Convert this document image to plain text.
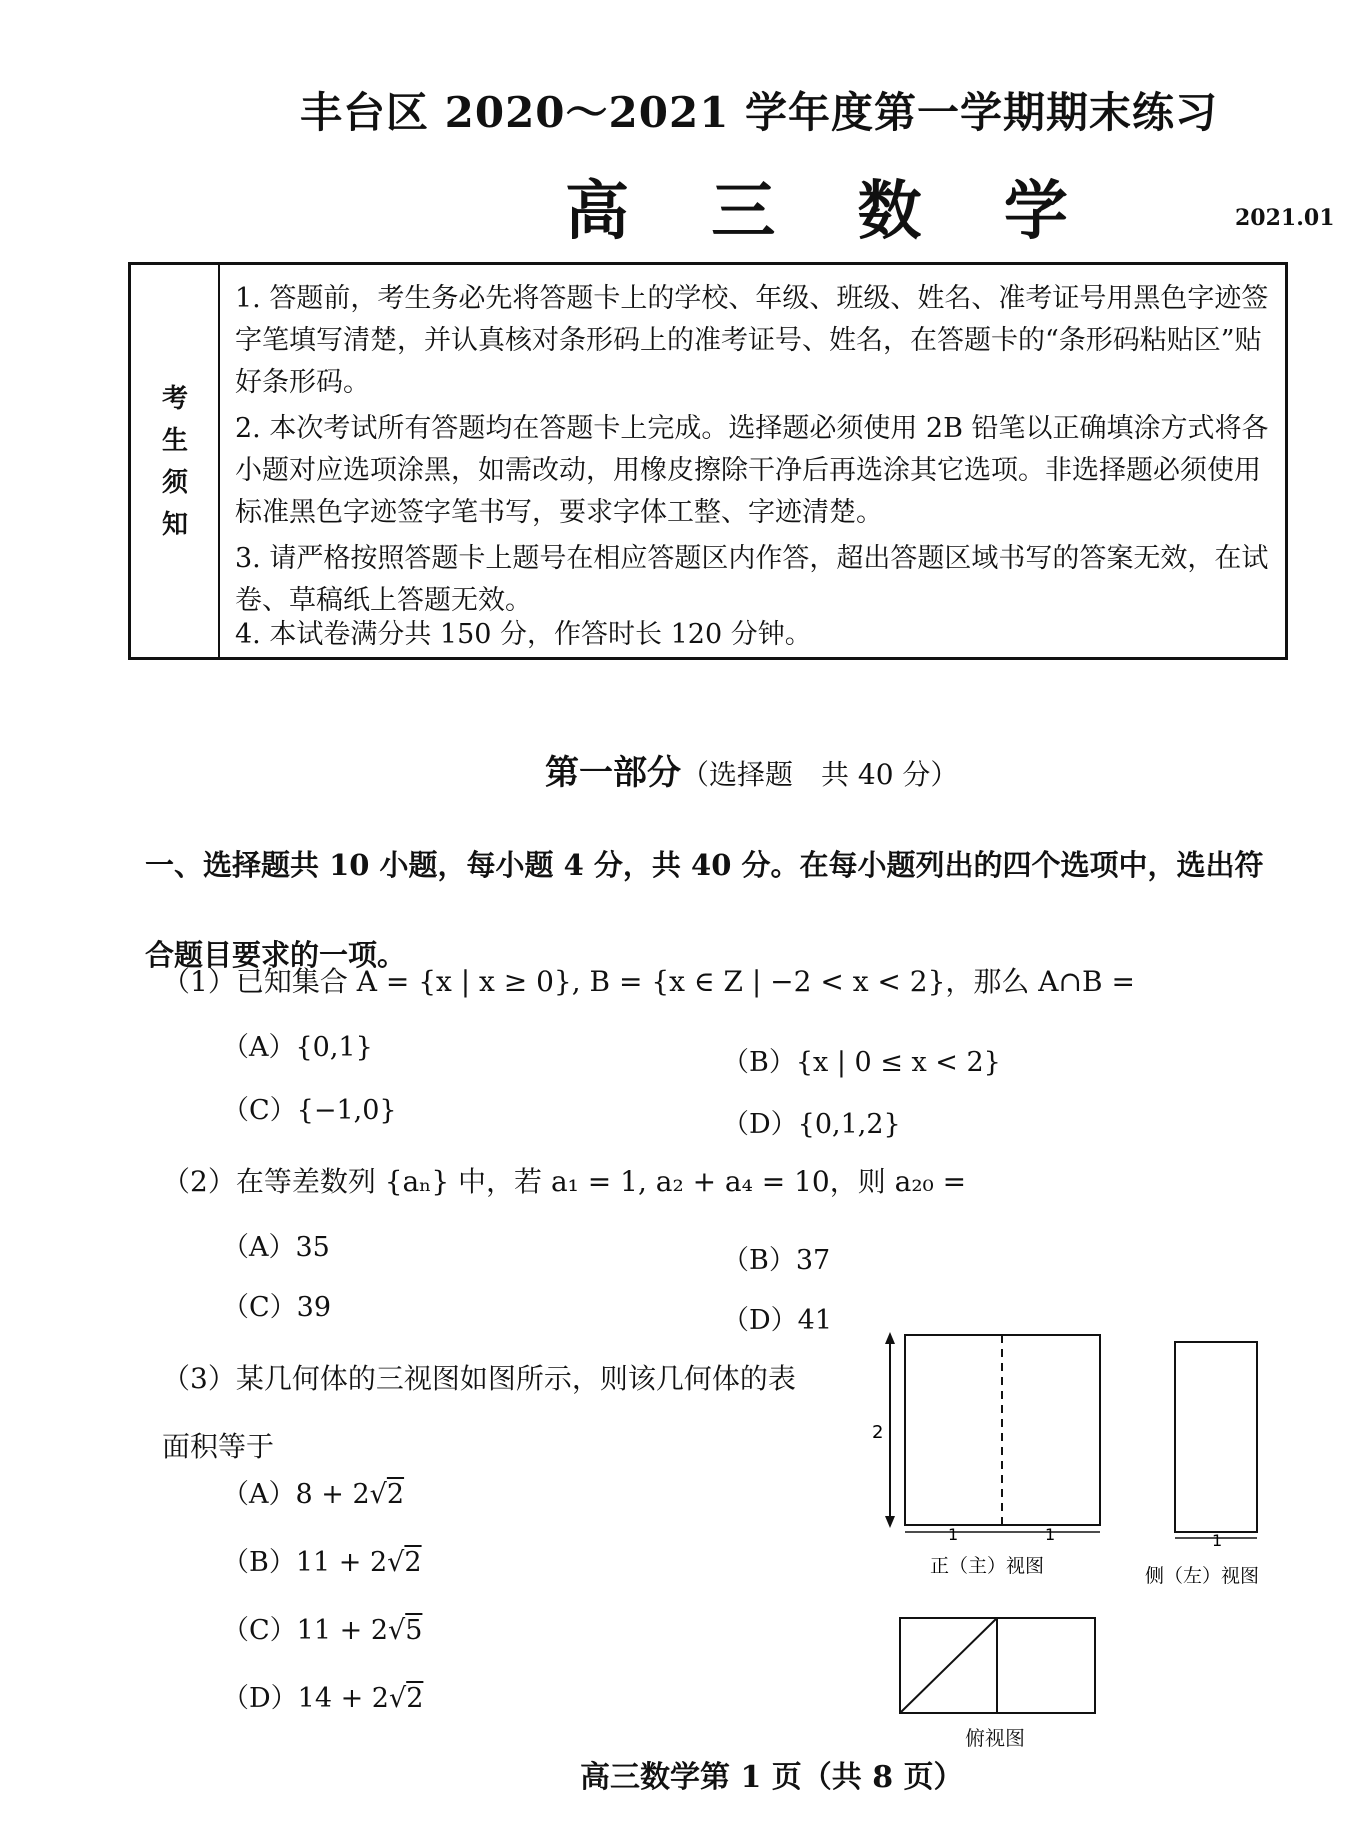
丰台区 2020～2021 学年度第一学期期末练习
高 三 数 学	2021.01
考
生
须
知
1. 答题前，考生务必先将答题卡上的学校、年级、班级、姓名、准考证号用黑色字迹签字笔填写清楚，并认真核对条形码上的准考证号、姓名，在答题卡的“条形码粘贴区”贴好条形码。
2. 本次考试所有答题均在答题卡上完成。选择题必须使用 2B 铅笔以正确填涂方式将各小题对应选项涂黑，如需改动，用橡皮擦除干净后再选涂其它选项。非选择题必须使用标准黑色字迹签字笔书写，要求字体工整、字迹清楚。
3. 请严格按照答题卡上题号在相应答题区内作答，超出答题区域书写的答案无效，在试卷、草稿纸上答题无效。
4. 本试卷满分共 150 分，作答时长 120 分钟。
第一部分（选择题　共 40 分）
一、选择题共 10 小题，每小题 4 分，共 40 分。在每小题列出的四个选项中，选出符合题目要求的一项。
（1）已知集合 A = {x | x ≥ 0}, B = {x ∈ Z | −2 < x < 2}，那么 A∩B =
（A）{0,1}	（B）{x | 0 ≤ x < 2}
（C）{−1,0}	（D）{0,1,2}
（2）在等差数列 {aₙ} 中，若 a₁ = 1, a₂ + a₄ = 10，则 a₂₀ =
（A）35	（B）37
（C）39	（D）41
（3）某几何体的三视图如图所示，则该几何体的表面积等于
（A）8 + 2√2
（B）11 + 2√2
（C）11 + 2√5
（D）14 + 2√2
2
1	1
正（主）视图
1
侧（左）视图
俯视图
高三数学第 1 页（共 8 页）
